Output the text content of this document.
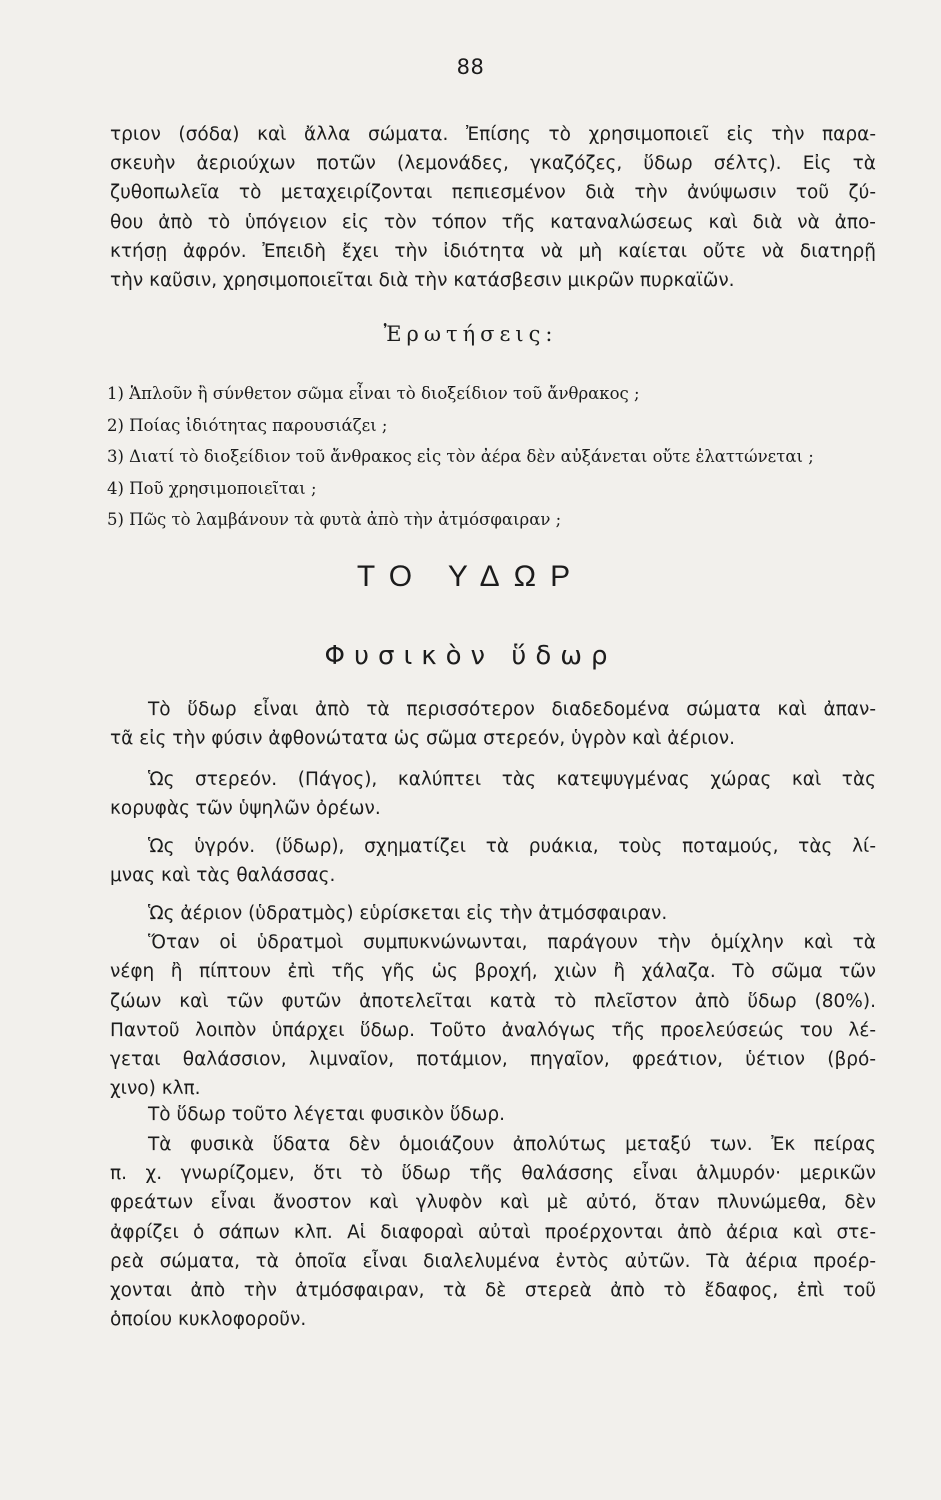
88
τριον (σόδα) καὶ ἄλλα σώματα. Ἐπίσης τὸ χρησιμοποιεῖ εἰς τὴν παρα-
σκευὴν ἀεριούχων ποτῶν (λεμονάδες, γκαζόζες, ὕδωρ σέλτς). Εἰς τὰ
ζυθοπωλεῖα τὸ μεταχειρίζονται πεπιεσμένον διὰ τὴν ἀνύψωσιν τοῦ ζύ-
θου ἀπὸ τὸ ὑπόγειον εἰς τὸν τόπον τῆς καταναλώσεως καὶ διὰ νὰ ἀπο-
κτήσῃ ἀφρόν. Ἐπειδὴ ἔχει τὴν ἰδιότητα νὰ μὴ καίεται οὔτε νὰ διατηρῇ
τὴν καῦσιν, χρησιμοποιεῖται διὰ τὴν κατάσβεσιν μικρῶν πυρκαϊῶν.
Ἐρωτήσεις:
1) Ἁπλοῦν ἢ σύνθετον σῶμα εἶναι τὸ διοξείδιον τοῦ ἄνθρακος ;
2) Ποίας ἰδιότητας παρουσιάζει ;
3) Διατί τὸ διοξείδιον τοῦ ἄνθρακος εἰς τὸν ἀέρα δὲν αὐξάνεται οὔτε ἐλαττώνεται ;
4) Ποῦ χρησιμοποιεῖται ;
5) Πῶς τὸ λαμβάνουν τὰ φυτὰ ἀπὸ τὴν ἀτμόσφαιραν ;
ΤΟ ΥΔΩΡ
Φυσικὸν ὕδωρ
Τὸ ὕδωρ εἶναι ἀπὸ τὰ περισσότερον διαδεδομένα σώματα καὶ ἀπαν-
τᾶ εἰς τὴν φύσιν ἀφθονώτατα ὡς σῶμα στερεόν, ὑγρὸν καὶ ἀέριον.
Ὡς στερεόν. (Πάγος), καλύπτει τὰς κατεψυγμένας χώρας καὶ τὰς
κορυφὰς τῶν ὑψηλῶν ὀρέων.
Ὡς ὑγρόν. (ὕδωρ), σχηματίζει τὰ ρυάκια, τοὺς ποταμούς, τὰς λί-
μνας καὶ τὰς θαλάσσας.
Ὡς ἀέριον (ὑδρατμὸς) εὑρίσκεται εἰς τὴν ἀτμόσφαιραν.
Ὅταν οἱ ὑδρατμοὶ συμπυκνώνωνται, παράγουν τὴν ὁμίχλην καὶ τὰ
νέφη ἢ πίπτουν ἐπὶ τῆς γῆς ὡς βροχή, χιὼν ἢ χάλαζα. Τὸ σῶμα τῶν
ζώων καὶ τῶν φυτῶν ἀποτελεῖται κατὰ τὸ πλεῖστον ἀπὸ ὕδωρ (80%).
Παντοῦ λοιπὸν ὑπάρχει ὕδωρ. Τοῦτο ἀναλόγως τῆς προελεύσεώς του λέ-
γεται θαλάσσιον, λιμναῖον, ποτάμιον, πηγαῖον, φρεάτιον, ὑέτιον (βρό-
χινο) κλπ.
Τὸ ὕδωρ τοῦτο λέγεται φυσικὸν ὕδωρ.
Τὰ φυσικὰ ὕδατα δὲν ὁμοιάζουν ἀπολύτως μεταξύ των. Ἐκ πείρας
π. χ. γνωρίζομεν, ὅτι τὸ ὕδωρ τῆς θαλάσσης εἶναι ἁλμυρόν· μερικῶν
φρεάτων εἶναι ἄνοστον καὶ γλυφὸν καὶ μὲ αὐτό, ὅταν πλυνώμεθα, δὲν
ἀφρίζει ὁ σάπων κλπ. Αἱ διαφοραὶ αὐταὶ προέρχονται ἀπὸ ἀέρια καὶ στε-
ρεὰ σώματα, τὰ ὁποῖα εἶναι διαλελυμένα ἐντὸς αὐτῶν. Τὰ ἀέρια προέρ-
χονται ἀπὸ τὴν ἀτμόσφαιραν, τὰ δὲ στερεὰ ἀπὸ τὸ ἔδαφος, ἐπὶ τοῦ
ὁποίου κυκλοφοροῦν.
